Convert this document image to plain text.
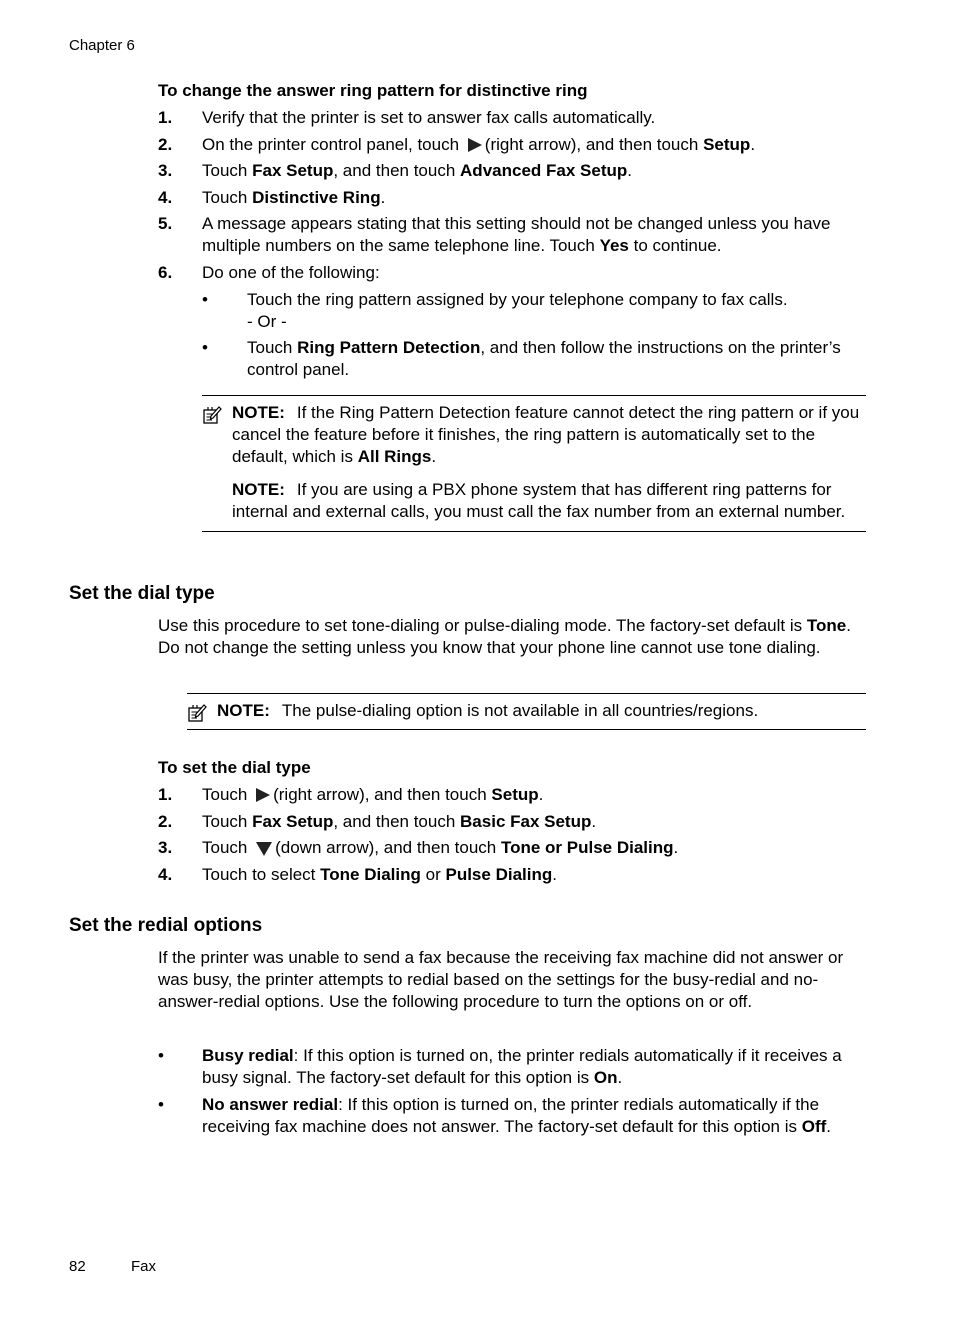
Chapter 6
To change the answer ring pattern for distinctive ring
1. Verify that the printer is set to answer fax calls automatically.
2. On the printer control panel, touch (right arrow), and then touch Setup.
3. Touch Fax Setup, and then touch Advanced Fax Setup.
4. Touch Distinctive Ring.
5. A message appears stating that this setting should not be changed unless you have multiple numbers on the same telephone line. Touch Yes to continue.
6. Do one of the following:
• Touch the ring pattern assigned by your telephone company to fax calls.
- Or -
• Touch Ring Pattern Detection, and then follow the instructions on the printer’s control panel.
NOTE: If the Ring Pattern Detection feature cannot detect the ring pattern or if you cancel the feature before it finishes, the ring pattern is automatically set to the default, which is All Rings.
NOTE: If you are using a PBX phone system that has different ring patterns for internal and external calls, you must call the fax number from an external number.
Set the dial type

Use this procedure to set tone-dialing or pulse-dialing mode. The factory-set default is Tone. Do not change the setting unless you know that your phone line cannot use tone dialing.

NOTE: The pulse-dialing option is not available in all countries/regions.
To set the dial type
1. Touch (right arrow), and then touch Setup.
2. Touch Fax Setup, and then touch Basic Fax Setup.
3. Touch (down arrow), and then touch Tone or Pulse Dialing.
4. Touch to select Tone Dialing or Pulse Dialing.
Set the redial options

If the printer was unable to send a fax because the receiving fax machine did not answer or was busy, the printer attempts to redial based on the settings for the busy-redial and no-answer-redial options. Use the following procedure to turn the options on or off.

• Busy redial: If this option is turned on, the printer redials automatically if it receives a busy signal. The factory-set default for this option is On.
• No answer redial: If this option is turned on, the printer redials automatically if the receiving fax machine does not answer. The factory-set default for this option is Off.
82	Fax
